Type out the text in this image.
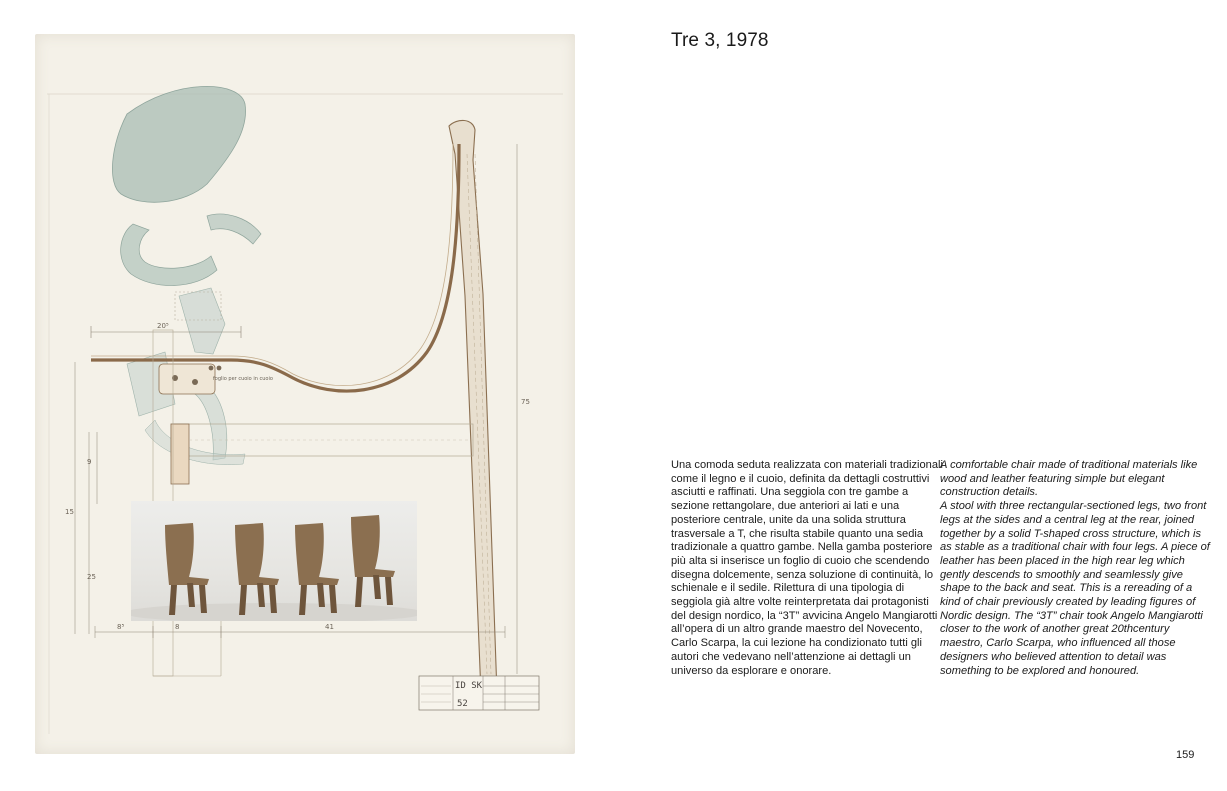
20⁵
foglio per cuoio in cuoio
75
15
9
25
8⁵	8	41
ID SK
52
Tre 3, 1978

Una comoda seduta realizzata con materiali tradizionali come il legno e il cuoio, definita da dettagli costruttivi asciutti e raffinati. Una seggiola con tre gambe a sezione rettangolare, due anteriori ai lati e una posteriore centrale, unite da una solida struttura trasversale a T, che risulta stabile quanto una sedia tradizionale a quattro gambe. Nella gamba posteriore più alta si inserisce un foglio di cuoio che scendendo disegna dolcemente, senza soluzione di continuità, lo schienale e il sedile. Rilettura di una tipologia di seggiola già altre volte reinterpretata dai protagonisti del design nordico, la “3T” avvicina Angelo Mangiarotti all’opera di un altro grande maestro del Novecento, Carlo Scarpa, la cui lezione ha condizionato tutti gli autori che vedevano nell’attenzione ai dettagli un universo da esplorare e onorare.

A comfortable chair made of traditional materials like wood and leather featuring simple but elegant construction details.

A stool with three rectangular-sectioned legs, two front legs at the sides and a central leg at the rear, joined together by a solid T-shaped cross structure, which is as stable as a traditional chair with four legs. A piece of leather has been placed in the high rear leg which gently descends to smoothly and seamlessly give shape to the back and seat. This is a rereading of a kind of chair previously created by leading figures of Nordic design. The “3T” chair took Angelo Mangiarotti closer to the work of another great 20thcentury maestro, Carlo Scarpa, who influenced all those designers who believed attention to detail was something to be explored and honoured.

159
